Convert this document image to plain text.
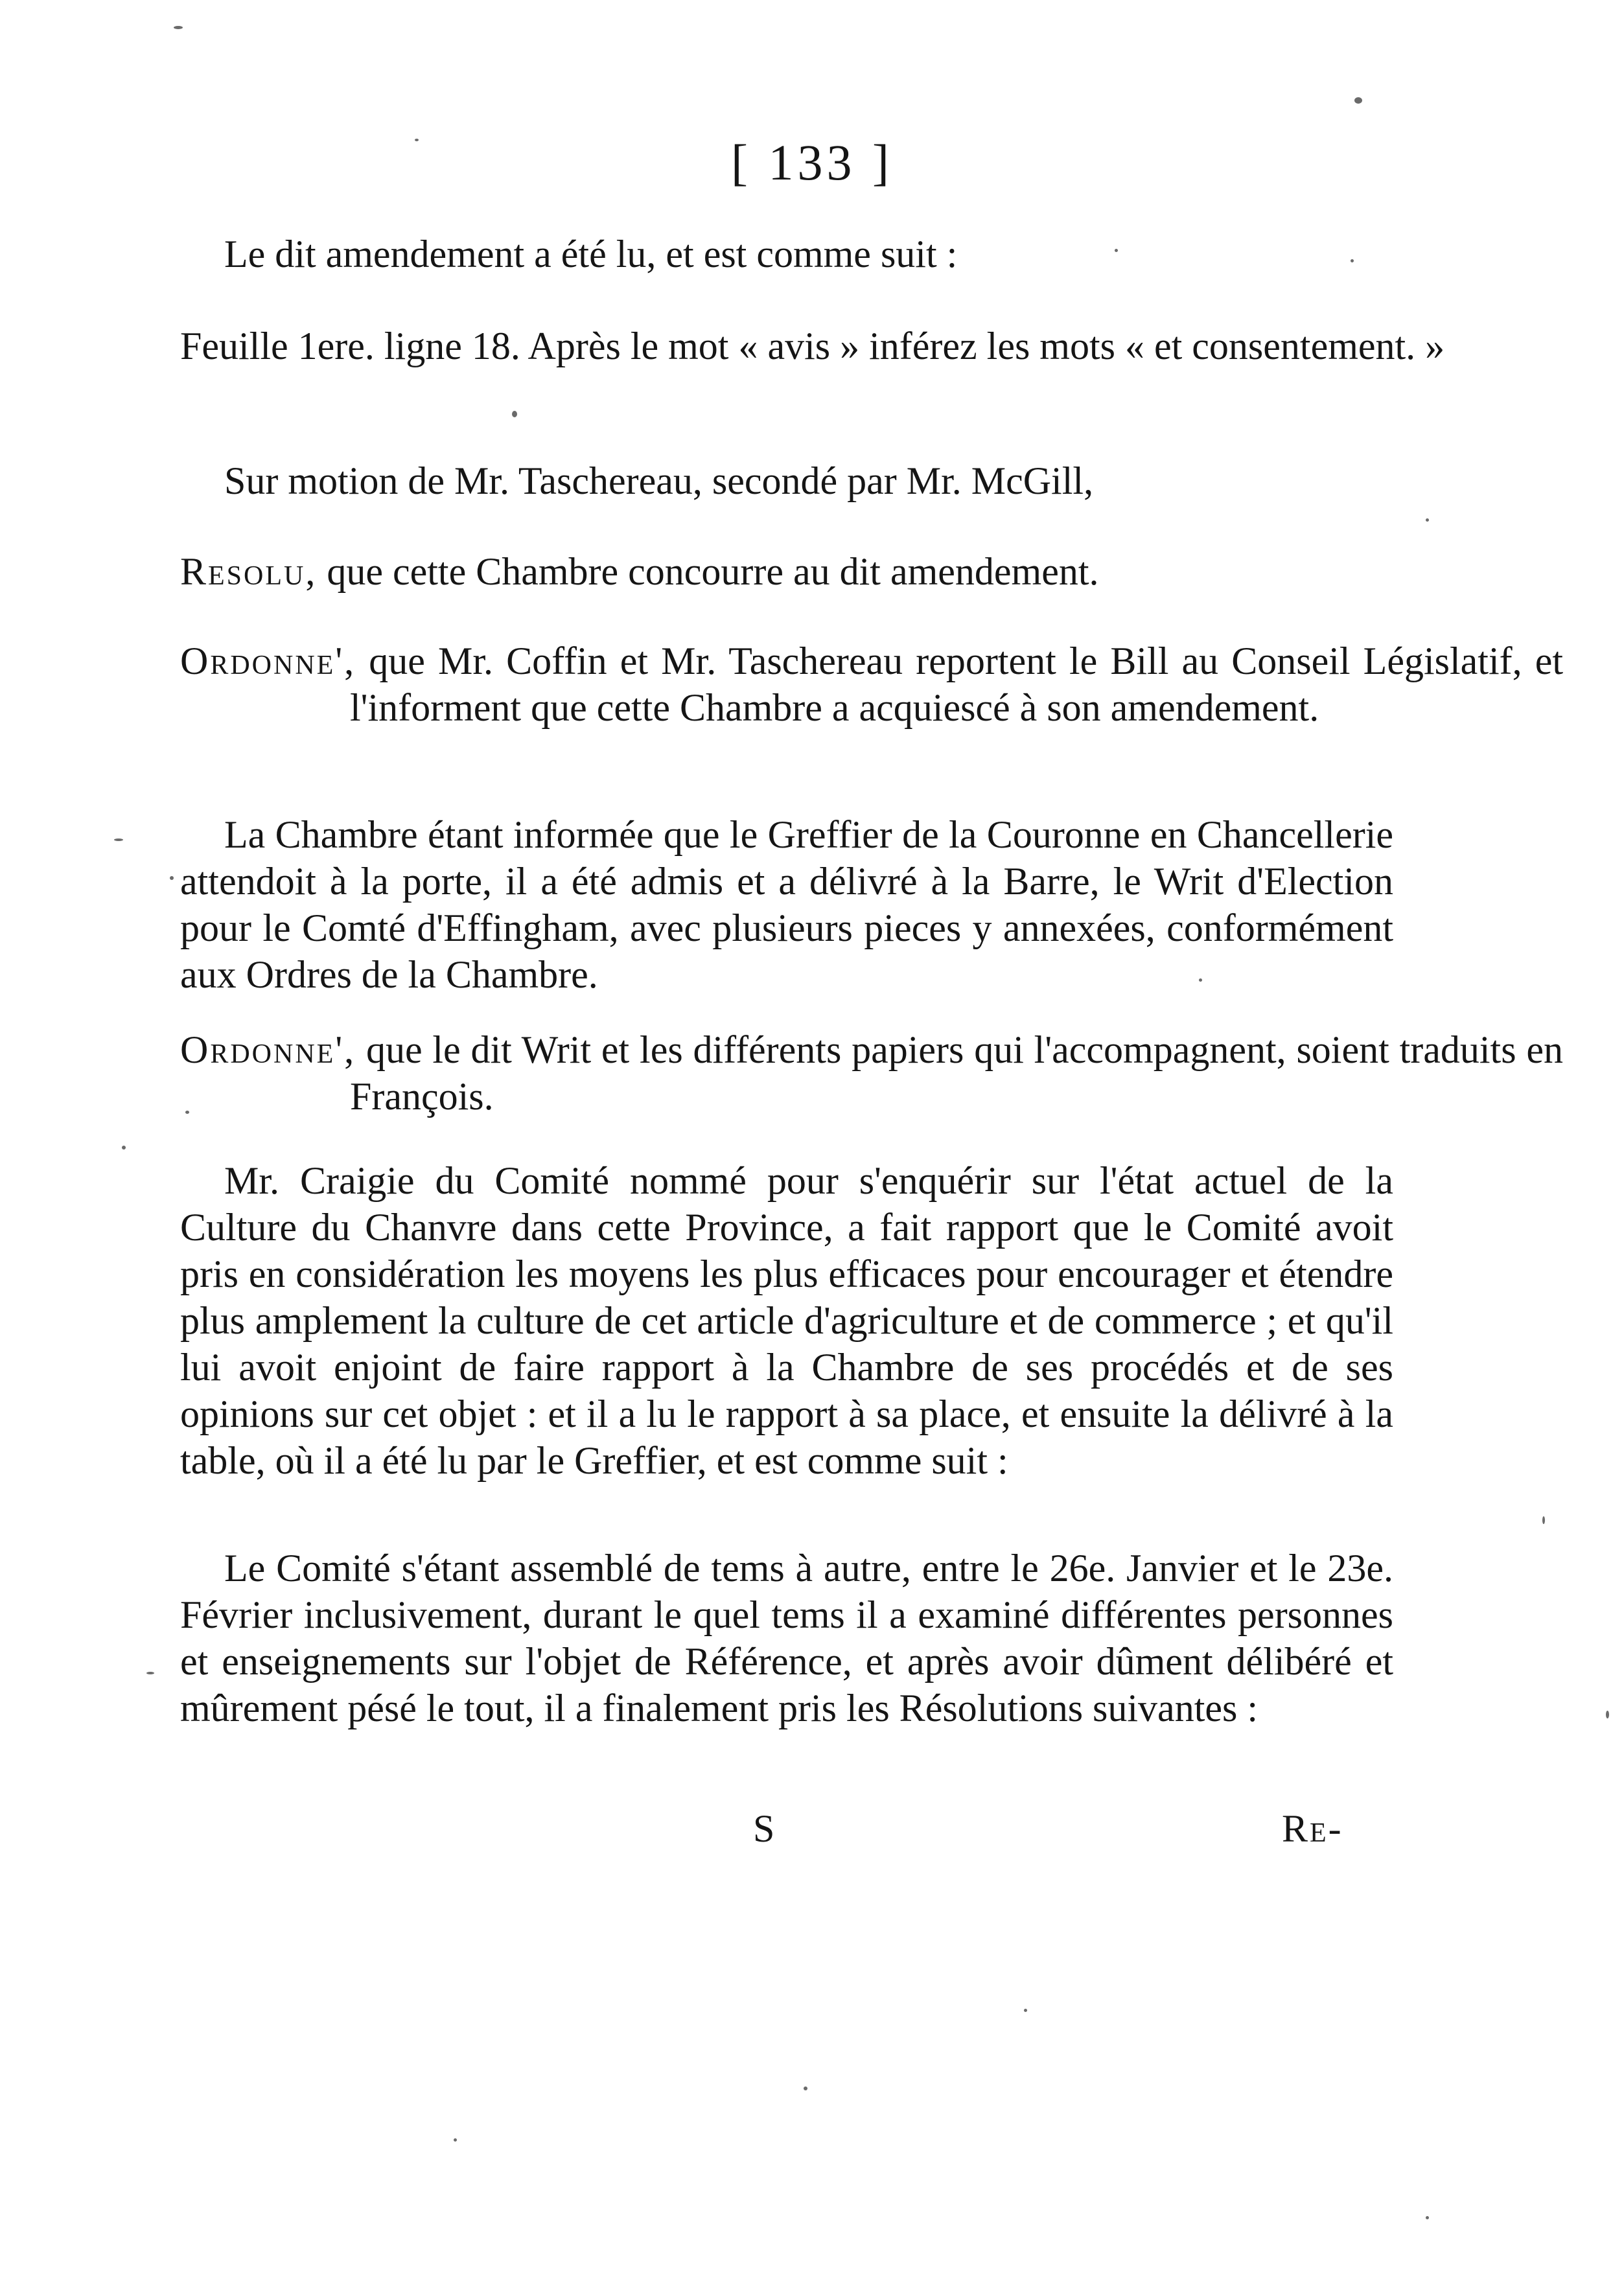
[ 133 ]

Le dit amendement a été lu, et est comme suit :

Feuille 1ere. ligne 18. Après le mot « avis » inférez les mots « et consentement. »

Sur motion de Mr. Taschereau, secondé par Mr. McGill,

Resolu, que cette Chambre concourre au dit amendement.

Ordonne', que Mr. Coffin et Mr. Taschereau reportent le Bill au Conseil Législatif, et l'informent que cette Chambre a acquiescé à son amendement.

La Chambre étant informée que le Greffier de la Couronne en Chancellerie attendoit à la porte, il a été admis et a délivré à la Barre, le Writ d'Election pour le Comté d'Effingham, avec plusieurs pieces y annexées, conformément aux Ordres de la Chambre.

Ordonne', que le dit Writ et les différents papiers qui l'accompagnent, soient traduits en François.

Mr. Craigie du Comité nommé pour s'enquérir sur l'état actuel de la Culture du Chanvre dans cette Province, a fait rapport que le Comité avoit pris en considération les moyens les plus efficaces pour encourager et étendre plus amplement la culture de cet article d'agriculture et de commerce ; et qu'il lui avoit enjoint de faire rapport à la Chambre de ses procédés et de ses opinions sur cet objet : et il a lu le rapport à sa place, et ensuite la délivré à la table, où il a été lu par le Greffier, et est comme suit :

Le Comité s'étant assemblé de tems à autre, entre le 26e. Janvier et le 23e. Février inclusivement, durant le quel tems il a examiné différentes personnes et enseignements sur l'objet de Référence, et après avoir dûment délibéré et mûrement pésé le tout, il a finalement pris les Résolutions suivantes :

S	Re-
